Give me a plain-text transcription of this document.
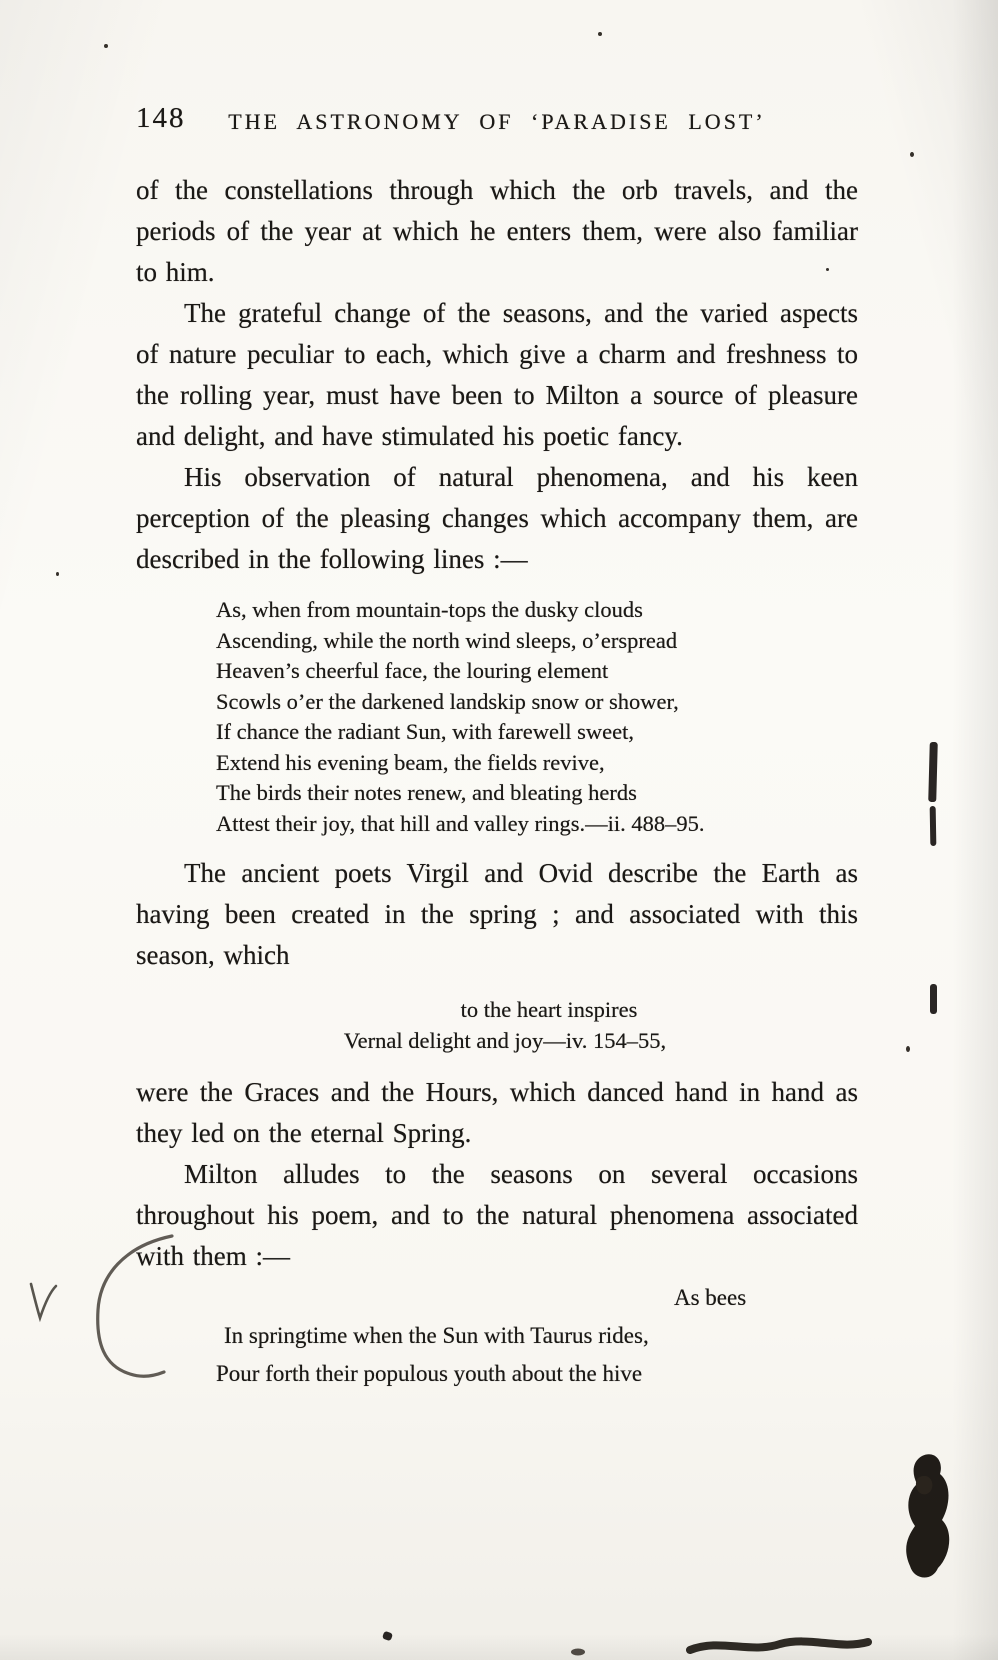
148	THE ASTRONOMY OF ‘PARADISE LOST’

of the constellations through which the orb travels, and the periods of the year at which he enters them, were also familiar to him.

The grateful change of the seasons, and the varied aspects of nature peculiar to each, which give a charm and freshness to the rolling year, must have been to Milton a source of pleasure and delight, and have stimulated his poetic fancy.

His observation of natural phenomena, and his keen perception of the pleasing changes which accompany them, are described in the following lines :—

As, when from mountain-tops the dusky clouds
Ascending, while the north wind sleeps, o’erspread
Heaven’s cheerful face, the louring element
Scowls o’er the darkened landskip snow or shower,
If chance the radiant Sun, with farewell sweet,
Extend his evening beam, the fields revive,
The birds their notes renew, and bleating herds
Attest their joy, that hill and valley rings.—ii. 488–95.

The ancient poets Virgil and Ovid describe the Earth as having been created in the spring ; and associated with this season, which

to the heart inspires
Vernal delight and joy—iv. 154–55,

were the Graces and the Hours, which danced hand in hand as they led on the eternal Spring.

Milton alludes to the seasons on several occasions throughout his poem, and to the natural phenomena associated with them :—

As bees
In springtime when the Sun with Taurus rides,
Pour forth their populous youth about the hive
